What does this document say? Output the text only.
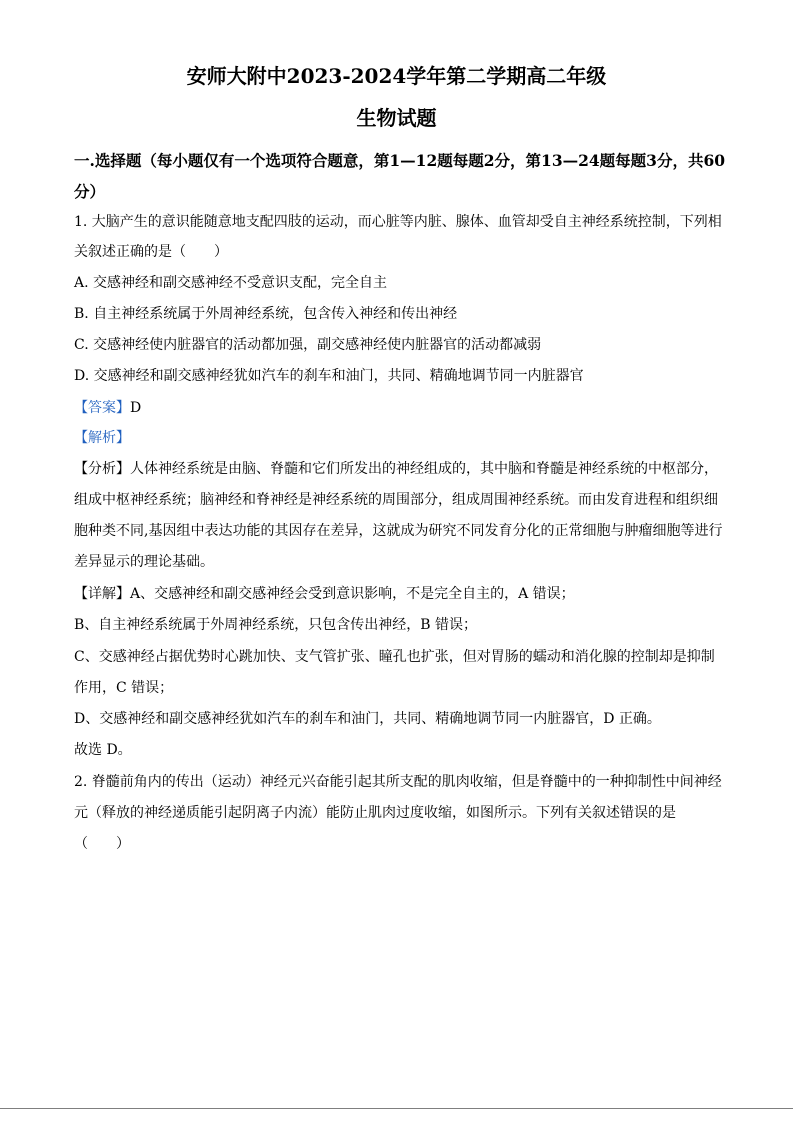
安师大附中2023-2024学年第二学期高二年级
生物试题
一.选择题（每小题仅有一个选项符合题意，第1—12题每题2分，第13—24题每题3分，共60分）
1. 大脑产生的意识能随意地支配四肢的运动，而心脏等内脏、腺体、血管却受自主神经系统控制，下列相
关叙述正确的是（　　）
A. 交感神经和副交感神经不受意识支配，完全自主
B. 自主神经系统属于外周神经系统，包含传入神经和传出神经
C. 交感神经使内脏器官的活动都加强，副交感神经使内脏器官的活动都减弱
D. 交感神经和副交感神经犹如汽车的刹车和油门，共同、精确地调节同一内脏器官
【答案】D
【解析】
【分析】人体神经系统是由脑、脊髓和它们所发出的神经组成的，其中脑和脊髓是神经系统的中枢部分，
组成中枢神经系统；脑神经和脊神经是神经系统的周围部分，组成周围神经系统。而由发育进程和组织细
胞种类不同,基因组中表达功能的其因存在差异，这就成为研究不同发育分化的正常细胞与肿瘤细胞等进行
差异显示的理论基础。
【详解】A、交感神经和副交感神经会受到意识影响，不是完全自主的，A 错误；
B、自主神经系统属于外周神经系统，只包含传出神经，B 错误；
C、交感神经占据优势时心跳加快、支气管扩张、瞳孔也扩张，但对胃肠的蠕动和消化腺的控制却是抑制
作用，C 错误；
D、交感神经和副交感神经犹如汽车的刹车和油门，共同、精确地调节同一内脏器官，D 正确。
故选 D。
2. 脊髓前角内的传出（运动）神经元兴奋能引起其所支配的肌肉收缩，但是脊髓中的一种抑制性中间神经
元（释放的神经递质能引起阴离子内流）能防止肌肉过度收缩，如图所示。下列有关叙述错误的是
（　　）
